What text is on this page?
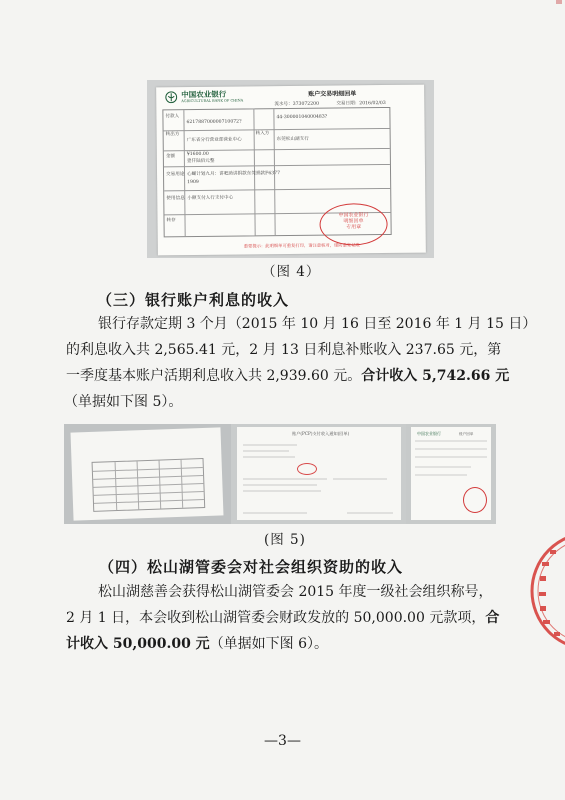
中国农业银行
AGRICULTURAL BANK OF CHINA
账户交易明细回单
交易日期：2016/02/03
流水号：373072200
付款人
转出方
金额
交易用途
使用信息
转存
621788700000710072?
广东省分行营业部营业中心
转入方
44-30000104000483?
东莞松山湖支行
¥1600.00
壹仟陆佰元整
心蝴计划九月：讲吧助讲捐款东莞捐款F6377
1909
小额支付人行支付中心
中国农业银行
明细回单
专用章
重要提示：此明细单可重复打印，请注意核对，谨防重复记账
（图 4）
（三）银行账户利息的收入
银行存款定期 3 个月（2015 年 10 月 16 日至 2016 年 1 月 15 日）
的利息收入共 2,565.41 元，2 月 13 日利息补账收入 237.65 元，第
一季度基本账户活期利息收入共 2,939.60 元。合计收入 5,742.66 元
（单据如下图 5）。
账户(PCP)支付收入通知(回单)	中国农业银行	账户回单
(图 5)
（四）松山湖管委会对社会组织资助的收入
松山湖慈善会获得松山湖管委会 2015 年度一级社会组织称号，
2 月 1 日，本会收到松山湖管委会财政发放的 50,000.00 元款项，合
计收入 50,000.00 元（单据如下图 6）。
—3—
